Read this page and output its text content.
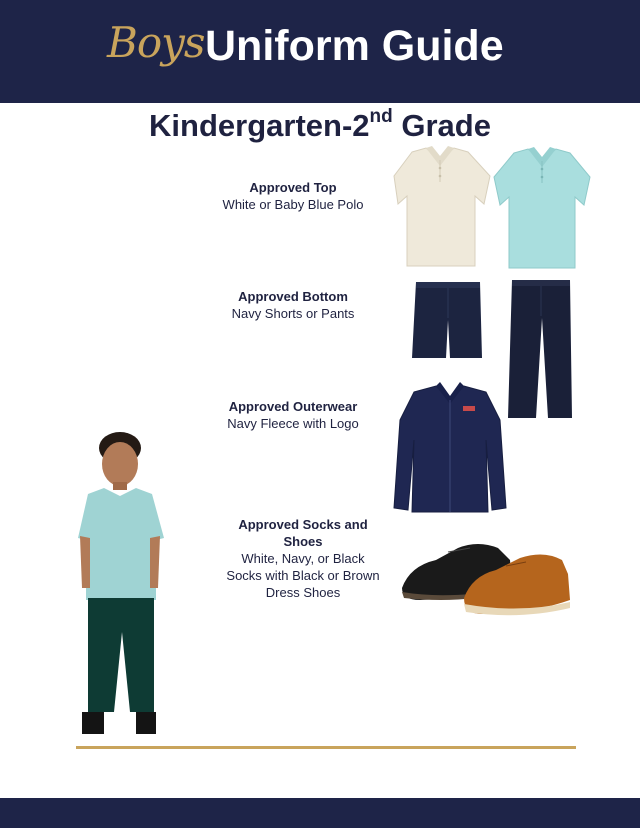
Boys Uniform Guide
Kindergarten-2nd Grade
Approved Top
White or Baby Blue Polo
Approved Bottom
Navy Shorts or Pants
Approved Outerwear
Navy Fleece with Logo
Approved Socks and
Shoes
White, Navy, or Black
Socks with Black or Brown
Dress Shoes
